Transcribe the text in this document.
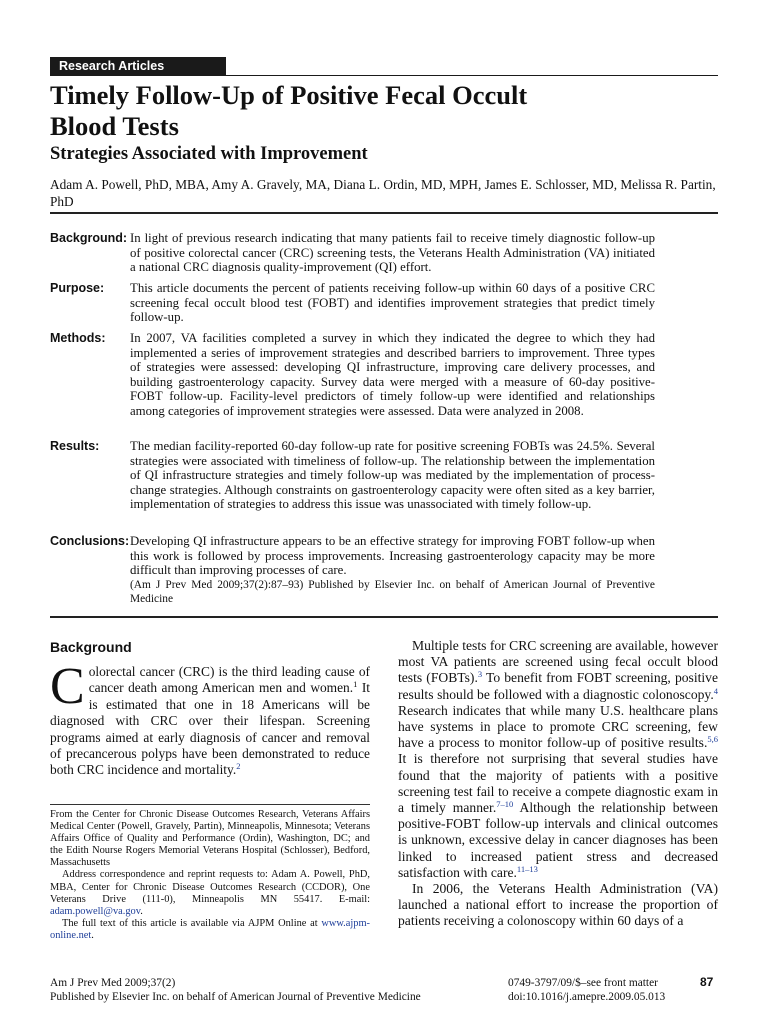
Research Articles
Timely Follow-Up of Positive Fecal Occult
Blood Tests
Strategies Associated with Improvement
Adam A. Powell, PhD, MBA, Amy A. Gravely, MA, Diana L. Ordin, MD, MPH, James E. Schlosser, MD, Melissa R. Partin, PhD
Background: In light of previous research indicating that many patients fail to receive timely diagnostic follow-up of positive colorectal cancer (CRC) screening tests, the Veterans Health Administration (VA) initiated a national CRC diagnosis quality-improvement (QI) effort.
Purpose:	This article documents the percent of patients receiving follow-up within 60 days of a positive CRC screening fecal occult blood test (FOBT) and identifies improvement strategies that predict timely follow-up.
Methods:	In 2007, VA facilities completed a survey in which they indicated the degree to which they had implemented a series of improvement strategies and described barriers to improvement. Three types of strategies were assessed: developing QI infrastructure, improving care delivery processes, and building gastroenterology capacity. Survey data were merged with a measure of 60-day positive-FOBT follow-up. Facility-level predictors of timely follow-up were identified and relationships among categories of improvement strategies were assessed. Data were analyzed in 2008.
Results:	The median facility-reported 60-day follow-up rate for positive screening FOBTs was 24.5%. Several strategies were associated with timeliness of follow-up. The relationship between the implementation of QI infrastructure strategies and timely follow-up was mediated by the implementation of process-change strategies. Although constraints on gastroenterology capacity were often sited as a key barrier, implementation of strategies to address this issue was unassociated with timely follow-up.
Conclusions: Developing QI infrastructure appears to be an effective strategy for improving FOBT follow-up when this work is followed by process improvements. Increasing gastroenterology capacity may be more difficult than improving processes of care.
(Am J Prev Med 2009;37(2):87–93) Published by Elsevier Inc. on behalf of American Journal of Preventive Medicine
Background
Colorectal cancer (CRC) is the third leading cause of cancer death among American men and women.$^1$ It is estimated that one in 18 Americans will be diagnosed with CRC over their lifespan. Screening programs aimed at early diagnosis of cancer and removal of precancerous polyps have been demonstrated to reduce both CRC incidence and mortality.$^2$

From the Center for Chronic Disease Outcomes Research, Veterans Affairs Medical Center (Powell, Gravely, Partin), Minneapolis, Minnesota; Veterans Affairs Office of Quality and Performance (Ordin), Washington, DC; and the Edith Nourse Rogers Memorial Veterans Hospital (Schlosser), Bedford, Massachusetts

Address correspondence and reprint requests to: Adam A. Powell, PhD, MBA, Center for Chronic Disease Outcomes Research (CCDOR), One Veterans Drive (111-0), Minneapolis MN 55417. E-mail: adam.powell@va.gov.

The full text of this article is available via AJPM Online at www.ajpm-online.net.

Multiple tests for CRC screening are available, however most VA patients are screened using fecal occult blood tests (FOBTs).$^3$ To benefit from FOBT screening, positive results should be followed with a diagnostic colonoscopy.$^4$ Research indicates that while many U.S. healthcare plans have systems in place to promote CRC screening, few have a process to monitor follow-up of positive results.$^{5,6}$ It is therefore not surprising that several studies have found that the majority of patients with a positive screening test fail to receive a compete diagnostic exam in a timely manner.$^{7-10}$ Although the relationship between positive-FOBT follow-up intervals and clinical outcomes is unknown, excessive delay in cancer diagnoses has been linked to increased patient stress and decreased satisfaction with care.$^{11-13}$

In 2006, the Veterans Health Administration (VA) launched a national effort to increase the proportion of patients receiving a colonoscopy within 60 days of a

Am J Prev Med 2009;37(2)
Published by Elsevier Inc. on behalf of American Journal of Preventive Medicine
0749-3797/09/$–see front matter
doi:10.1016/j.amepre.2009.05.013
87
